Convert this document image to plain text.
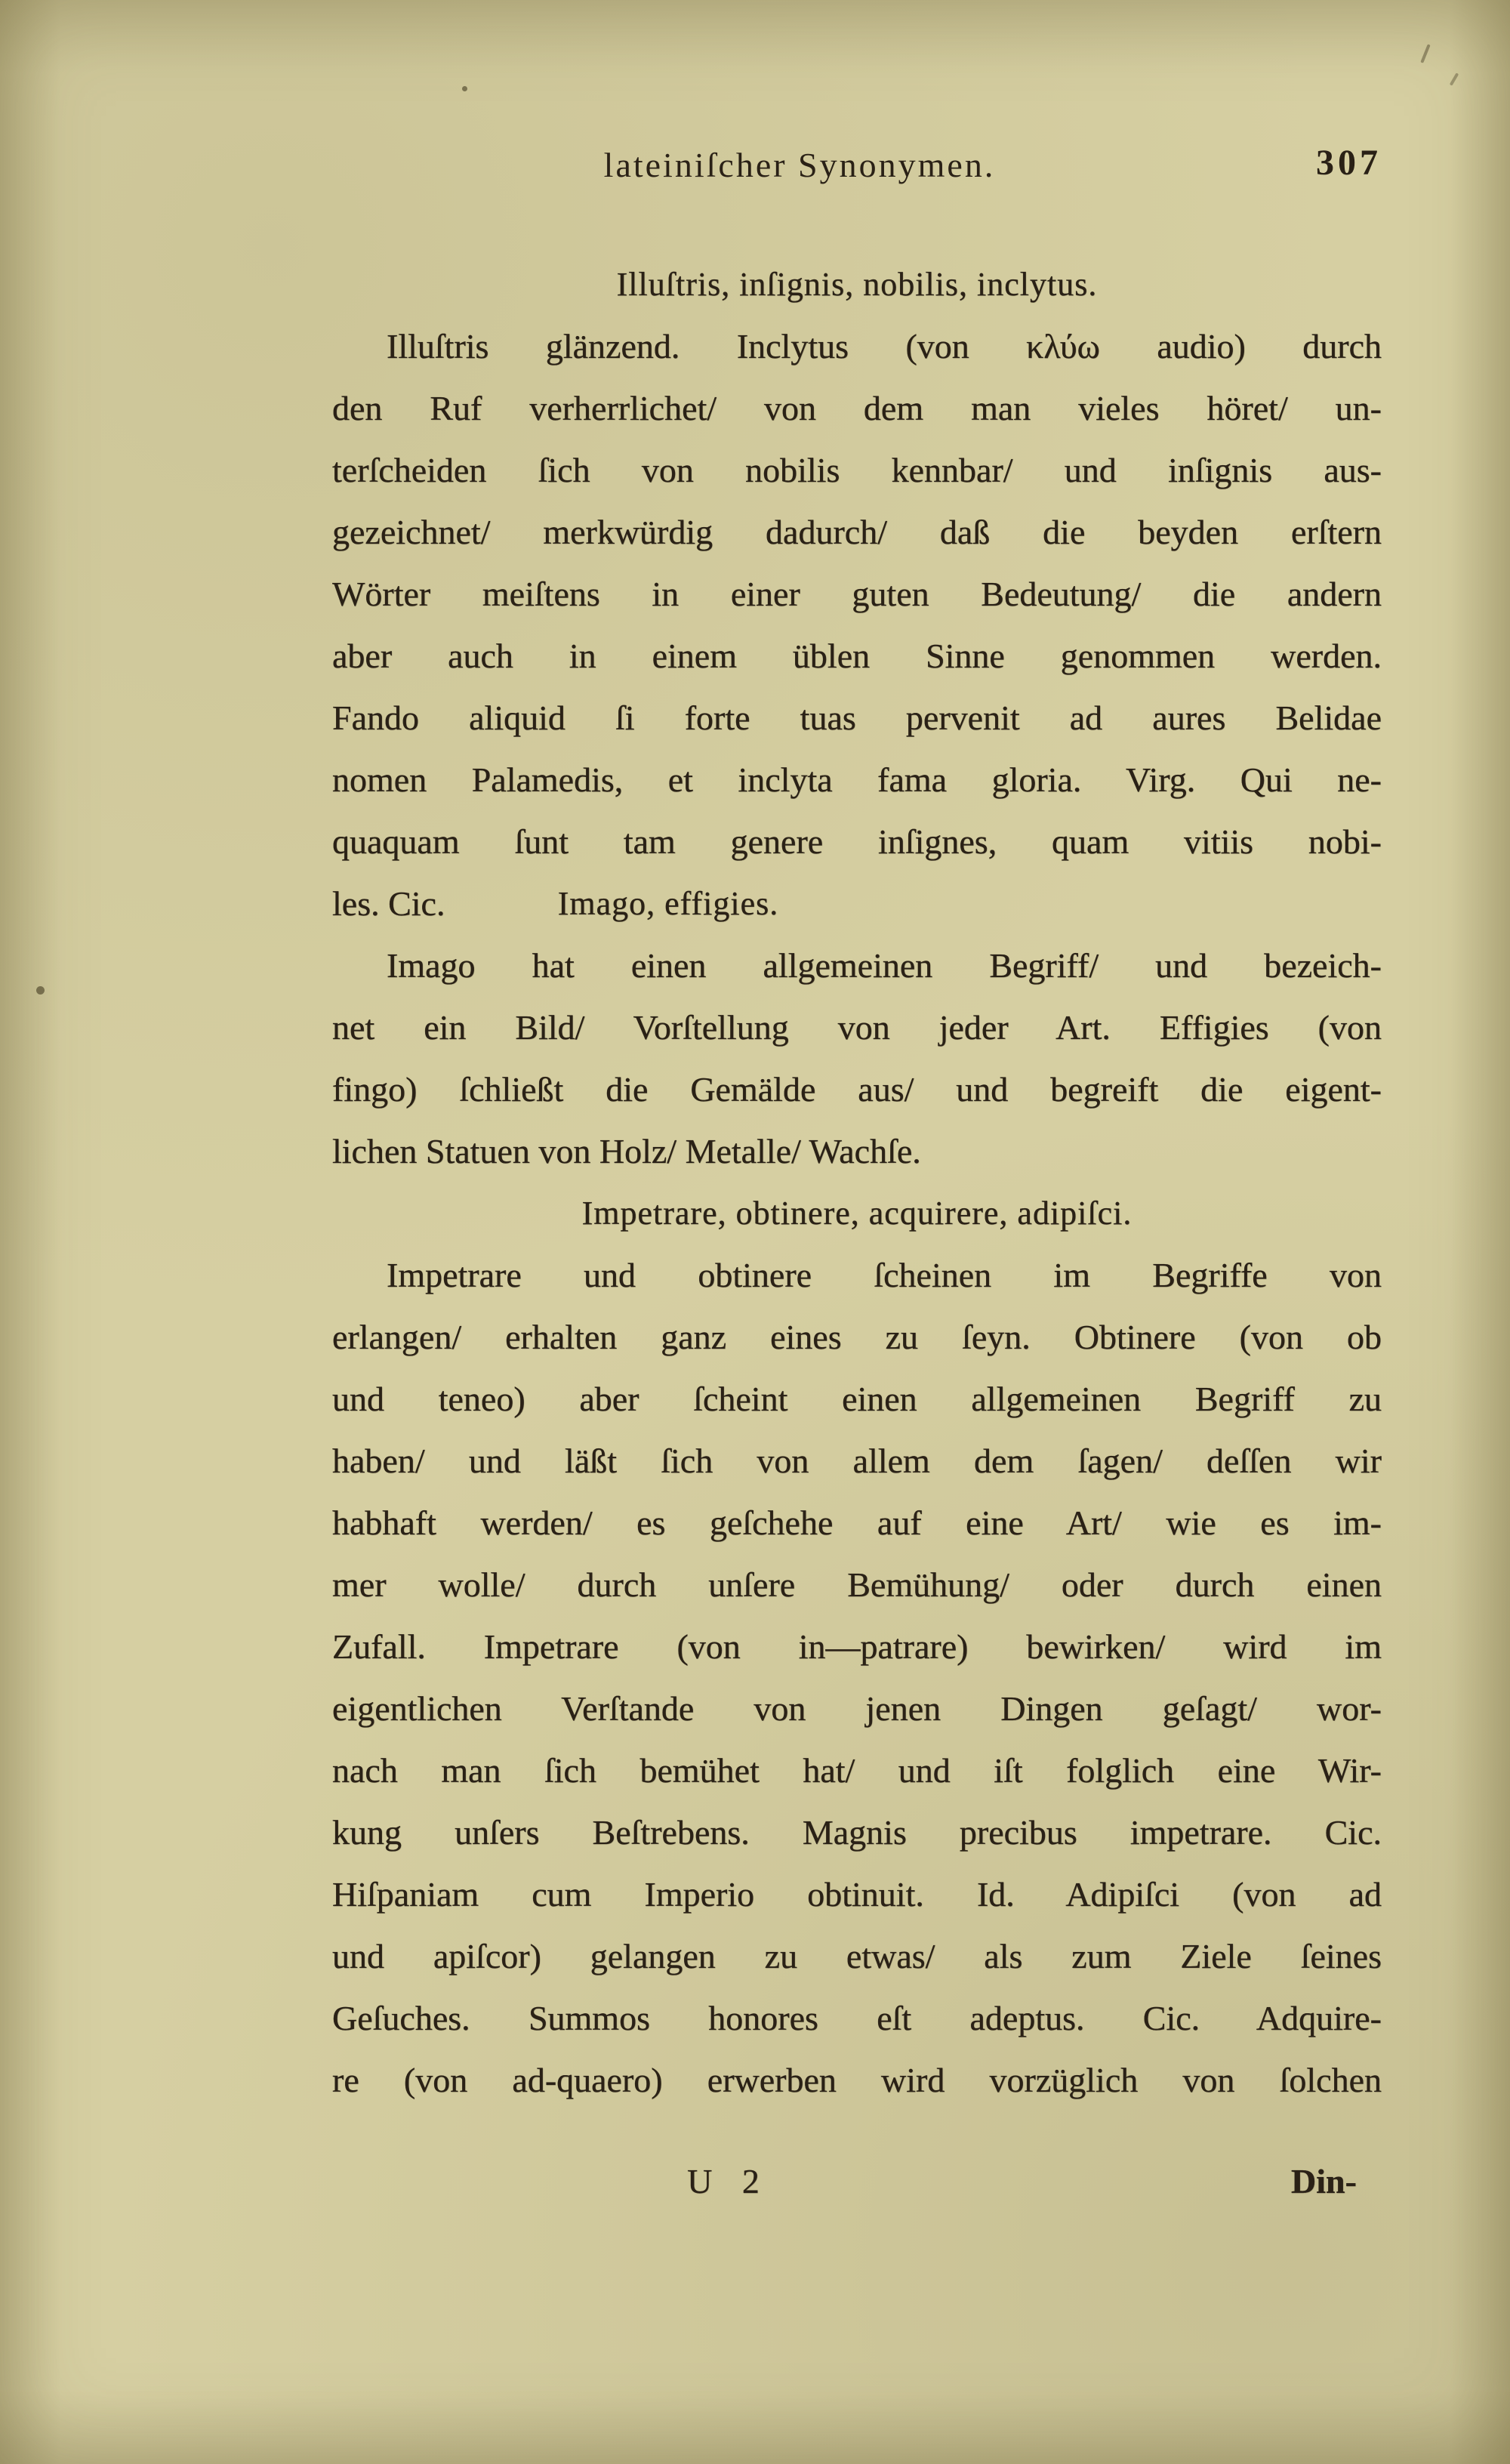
lateiniſcher Synonymen.	307
Illuſtris, inſignis, nobilis, inclytus.
Illuſtris glänzend. Inclytus (von κλύω audio) durch
den Ruf verherrlichet/ von dem man vieles höret/ un-
terſcheiden ſich von nobilis kennbar/ und inſignis aus-
gezeichnet/ merkwürdig dadurch/ daß die beyden erſtern
Wörter meiſtens in einer guten Bedeutung/ die andern
aber auch in einem üblen Sinne genommen werden.
Fando aliquid ſi forte tuas pervenit ad aures Belidae
nomen Palamedis, et inclyta fama gloria. Virg. Qui ne-
quaquam ſunt tam genere inſignes, quam vitiis nobi-
les. Cic.	Imago, effigies.
Imago hat einen allgemeinen Begriff/ und bezeich-
net ein Bild/ Vorſtellung von jeder Art. Effigies (von
fingo) ſchließt die Gemälde aus/ und begreift die eigent-
lichen Statuen von Holz/ Metalle/ Wachſe.
Impetrare, obtinere, acquirere, adipiſci.
Impetrare und obtinere ſcheinen im Begriffe von
erlangen/ erhalten ganz eines zu ſeyn. Obtinere (von ob
und teneo) aber ſcheint einen allgemeinen Begriff zu
haben/ und läßt ſich von allem dem ſagen/ deſſen wir
habhaft werden/ es geſchehe auf eine Art/ wie es im-
mer wolle/ durch unſere Bemühung/ oder durch einen
Zufall. Impetrare (von in—patrare) bewirken/ wird im
eigentlichen Verſtande von jenen Dingen geſagt/ wor-
nach man ſich bemühet hat/ und iſt folglich eine Wir-
kung unſers Beſtrebens. Magnis precibus impetrare. Cic.
Hiſpaniam cum Imperio obtinuit. Id. Adipiſci (von ad
und apiſcor) gelangen zu etwas/ als zum Ziele ſeines
Geſuches. Summos honores eſt adeptus. Cic. Adquire-
re (von ad-quaero) erwerben wird vorzüglich von ſolchen
U 2	Din-
